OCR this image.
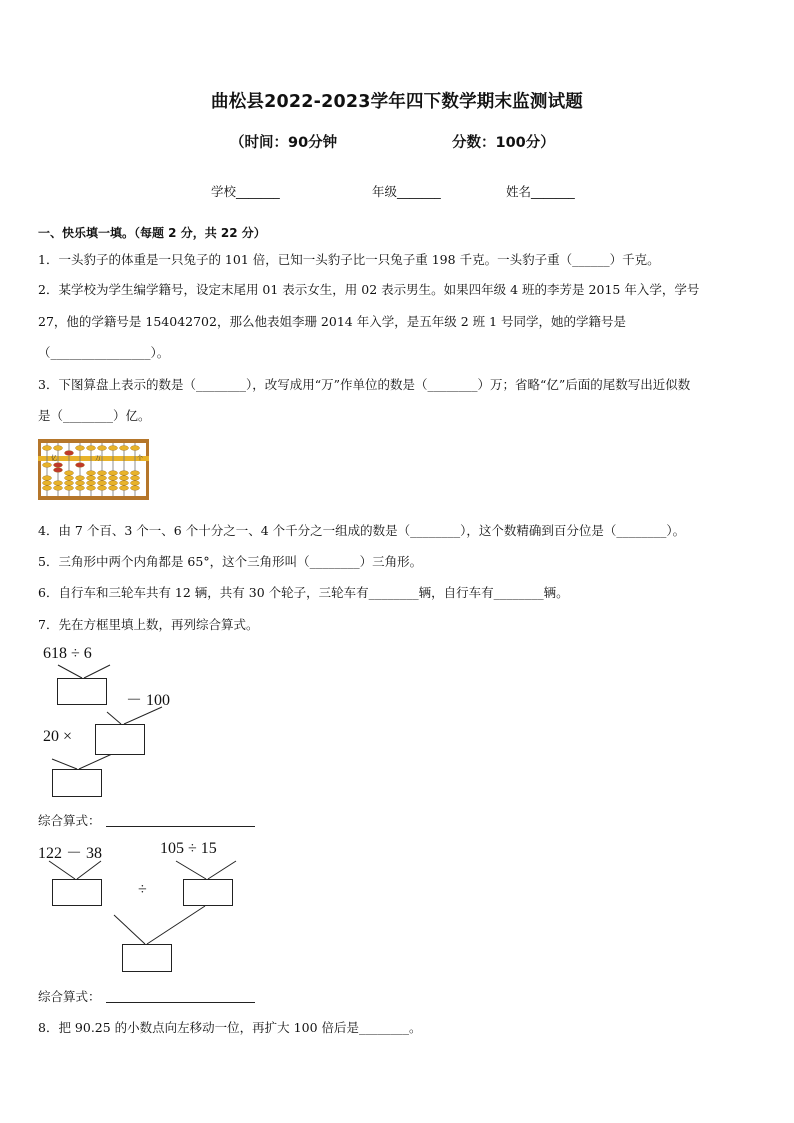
曲松县2022-2023学年四下数学期末监测试题
（时间：90分钟	分数：100分）
学校_______	年级_______	姓名_______
一、快乐填一填。（每题 2 分，共 22 分）
1．一头豹子的体重是一只兔子的 101 倍，已知一头豹子比一只兔子重 198 千克。一头豹子重（______）千克。
2．某学校为学生编学籍号，设定末尾用 01 表示女生，用 02 表示男生。如果四年级 4 班的李芳是 2015 年入学，学号
27，他的学籍号是 154042702，那么他表姐李珊 2014 年入学，是五年级 2 班 1 号同学，她的学籍号是
（________________）。
3．下图算盘上表示的数是（________），改写成用“万”作单位的数是（________）万；省略“亿”后面的尾数写出近似数
是（________）亿。
亿	万	个
4．由 7 个百、3 个一、6 个十分之一、4 个千分之一组成的数是（________），这个数精确到百分位是（________）。
5．三角形中两个内角都是 65°，这个三角形叫（________）三角形。
6．自行车和三轮车共有 12 辆，共有 30 个轮子，三轮车有________辆，自行车有________辆。
7．先在方框里填上数，再列综合算式。
618 ÷ 6
－ 100
20 ×
综合算式：
122 － 38	105 ÷ 15
÷
综合算式：
8．把 90.25 的小数点向左移动一位，再扩大 100 倍后是________。
